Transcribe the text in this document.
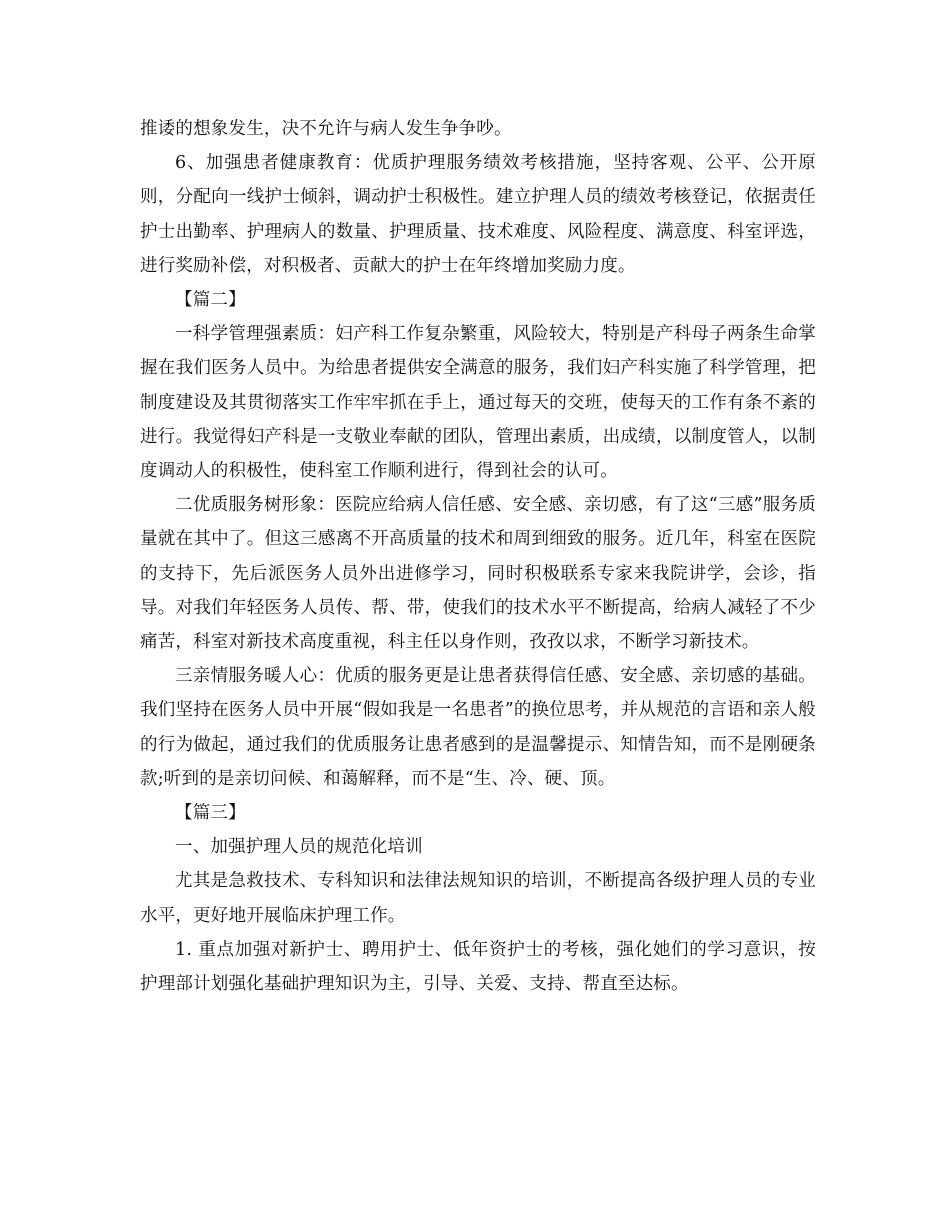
推诿的想象发生，决不允许与病人发生争争吵。

6、加强患者健康教育：优质护理服务绩效考核措施，坚持客观、公平、公开原则，分配向一线护士倾斜，调动护士积极性。建立护理人员的绩效考核登记，依据责任护士出勤率、护理病人的数量、护理质量、技术难度、风险程度、满意度、科室评选，进行奖励补偿，对积极者、贡献大的护士在年终增加奖励力度。

【篇二】

一科学管理强素质：妇产科工作复杂繁重，风险较大，特别是产科母子两条生命掌握在我们医务人员中。为给患者提供安全满意的服务，我们妇产科实施了科学管理，把制度建设及其贯彻落实工作牢牢抓在手上，通过每天的交班，使每天的工作有条不紊的进行。我觉得妇产科是一支敬业奉献的团队，管理出素质，出成绩，以制度管人，以制度调动人的积极性，使科室工作顺利进行，得到社会的认可。

二优质服务树形象：医院应给病人信任感、安全感、亲切感，有了这“三感”服务质量就在其中了。但这三感离不开高质量的技术和周到细致的服务。近几年，科室在医院的支持下，先后派医务人员外出进修学习，同时积极联系专家来我院讲学，会诊，指导。对我们年轻医务人员传、帮、带，使我们的技术水平不断提高，给病人减轻了不少痛苦，科室对新技术高度重视，科主任以身作则，孜孜以求，不断学习新技术。

三亲情服务暖人心：优质的服务更是让患者获得信任感、安全感、亲切感的基础。我们坚持在医务人员中开展“假如我是一名患者”的换位思考，并从规范的言语和亲人般的行为做起，通过我们的优质服务让患者感到的是温馨提示、知情告知，而不是刚硬条款;听到的是亲切问候、和蔼解释，而不是“生、冷、硬、顶。

【篇三】

一、加强护理人员的规范化培训

尤其是急救技术、专科知识和法律法规知识的培训，不断提高各级护理人员的专业水平，更好地开展临床护理工作。

1. 重点加强对新护士、聘用护士、低年资护士的考核，强化她们的学习意识，按护理部计划强化基础护理知识为主，引导、关爱、支持、帮直至达标。
